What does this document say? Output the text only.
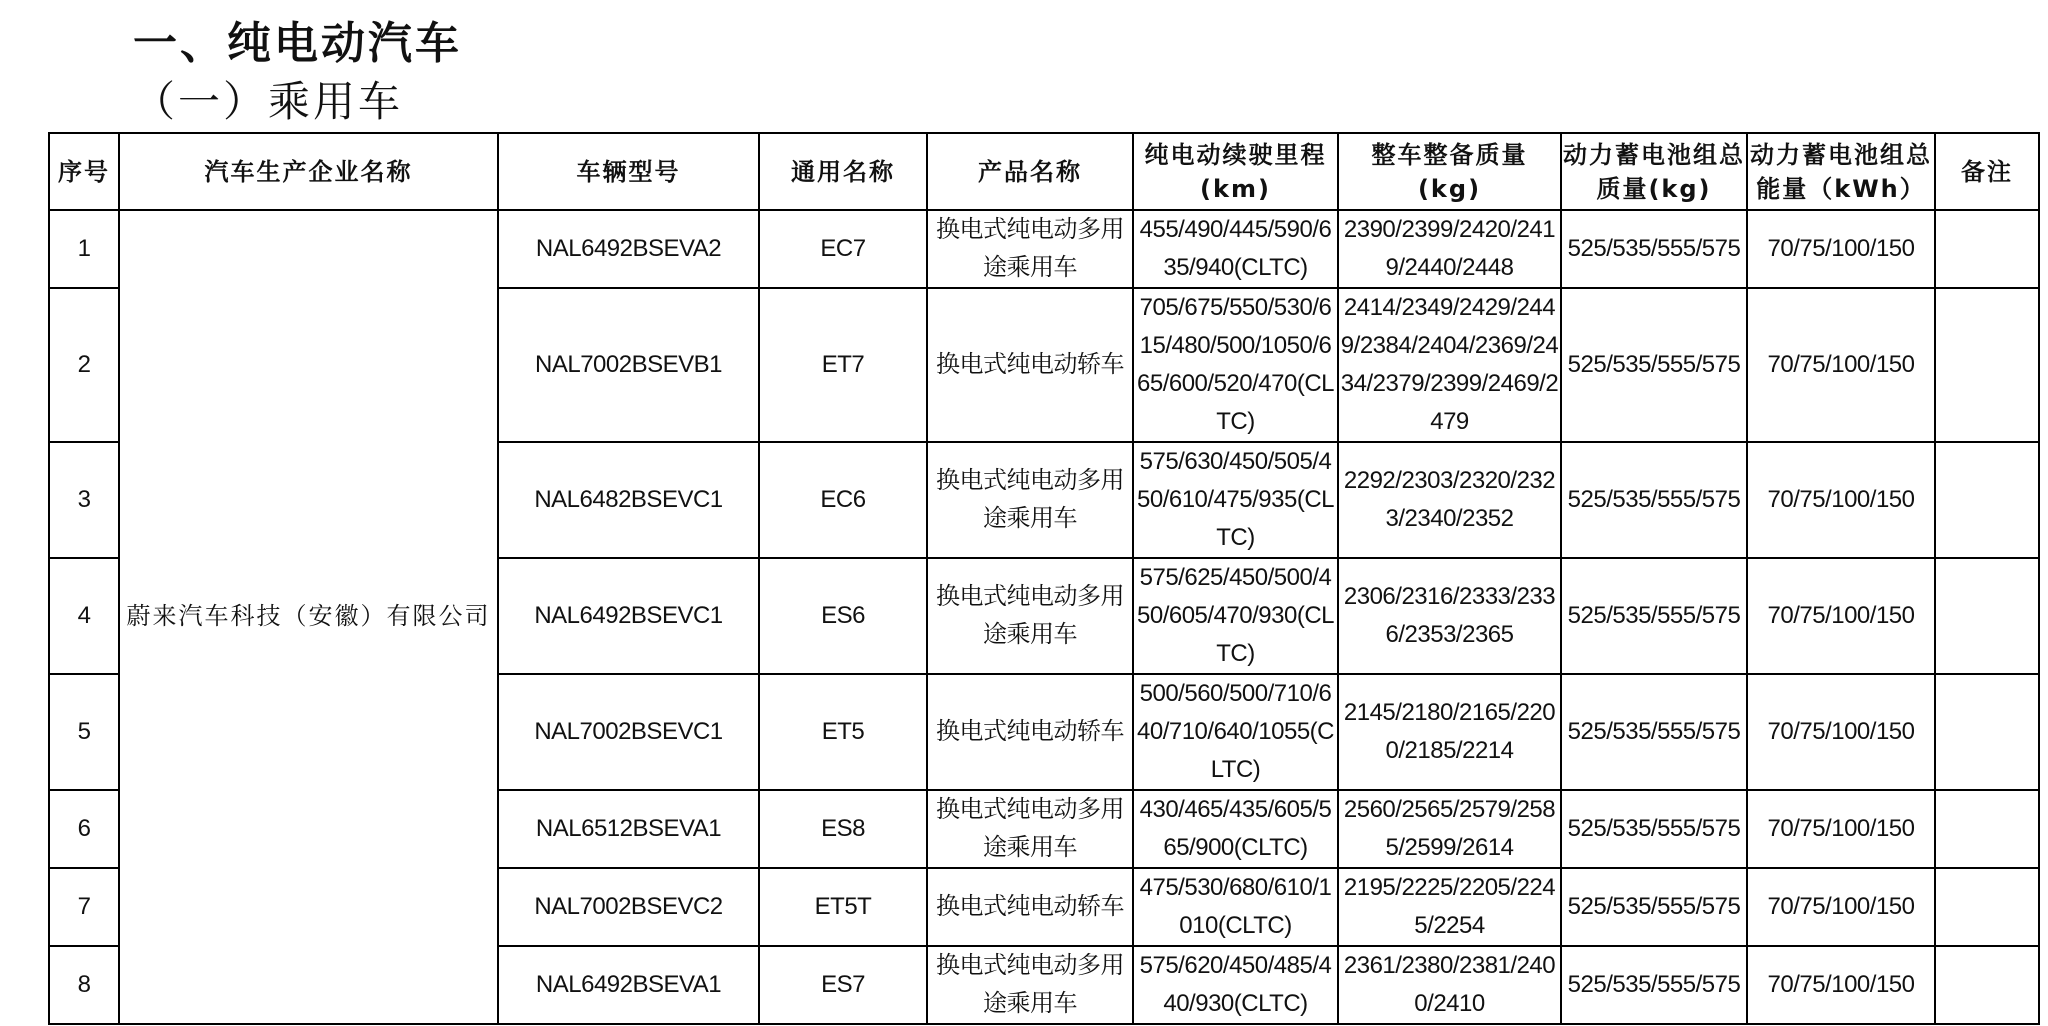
一、纯电动汽车
（一）乘用车
序号	汽车生产企业名称	车辆型号	通用名称	产品名称	纯电动续驶里程(km)	整车整备质量(kg)	动力蓄电池组总质量(kg)	动力蓄电池组总能量（kWh）	备注
1	蔚来汽车科技（安徽）有限公司	NAL6492BSEVA2	EC7	换电式纯电动多用途乘用车	455/490/445/590/635/940(CLTC)	2390/2399/2420/2419/2440/2448	525/535/555/575	70/75/100/150	
2		NAL7002BSEVB1	ET7	换电式纯电动轿车	705/675/550/530/615/480/500/1050/665/600/520/470(CLTC)	2414/2349/2429/2449/2384/2404/2369/2434/2379/2399/2469/2479	525/535/555/575	70/75/100/150	
3		NAL6482BSEVC1	EC6	换电式纯电动多用途乘用车	575/630/450/505/450/610/475/935(CLTC)	2292/2303/2320/2323/2340/2352	525/535/555/575	70/75/100/150	
4		NAL6492BSEVC1	ES6	换电式纯电动多用途乘用车	575/625/450/500/450/605/470/930(CLTC)	2306/2316/2333/2336/2353/2365	525/535/555/575	70/75/100/150	
5		NAL7002BSEVC1	ET5	换电式纯电动轿车	500/560/500/710/640/710/640/1055(CLTC)	2145/2180/2165/2200/2185/2214	525/535/555/575	70/75/100/150	
6		NAL6512BSEVA1	ES8	换电式纯电动多用途乘用车	430/465/435/605/565/900(CLTC)	2560/2565/2579/2585/2599/2614	525/535/555/575	70/75/100/150	
7		NAL7002BSEVC2	ET5T	换电式纯电动轿车	475/530/680/610/1010(CLTC)	2195/2225/2205/2245/2254	525/535/555/575	70/75/100/150	
8		NAL6492BSEVA1	ES7	换电式纯电动多用途乘用车	575/620/450/485/440/930(CLTC)	2361/2380/2381/2400/2410	525/535/555/575	70/75/100/150	
